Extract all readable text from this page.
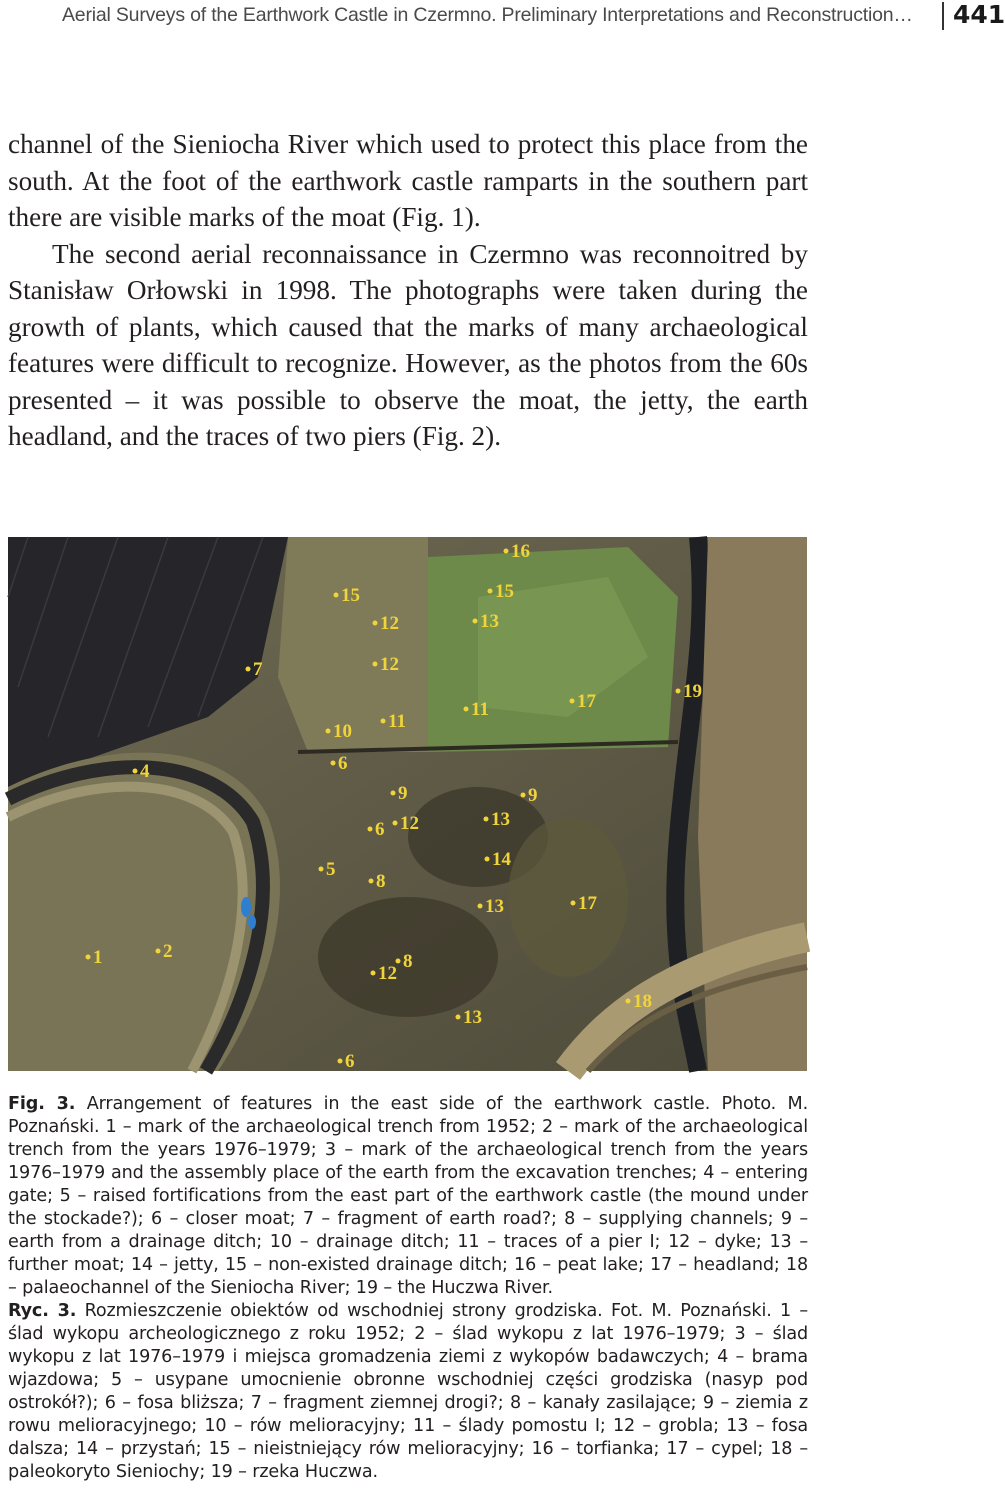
Aerial Surveys of the Earthwork Castle in Czermno. Preliminary Interpretations and Reconstruction… 441

channel of the Sieniocha River which used to protect this place from the south. At the foot of the earthwork castle ramparts in the southern part there are visible marks of the moat (Fig. 1).

The second aerial reconnaissance in Czermno was reconnoitred by Stanisław Orłowski in 1998. The photographs were taken during the growth of plants, which caused that the marks of many archaeological features were difficult to recognize. However, as the photos from the 60s presented – it was possible to observe the moat, the jetty, the earth headland, and the traces of two piers (Fig. 2).

16
15	15
12	13
12
7
17	19
10 11
11
4	6
9	9
12
6	13
14
5
8
13	17
2
1	8
12
18
13
6

Fig. 3. Arrangement of features in the east side of the earthwork castle. Photo. M. Poznański. 1 – mark of the archaeological trench from 1952; 2 – mark of the archaeological trench from the years 1976–1979; 3 – mark of the archaeological trench from the years 1976–1979 and the assembly place of the earth from the excavation trenches; 4 – entering gate; 5 – raised fortifications from the east part of the earthwork castle (the mound under the stockade?); 6 – closer moat; 7 – fragment of earth road?; 8 – supplying channels; 9 – earth from a drainage ditch; 10 – drainage ditch; 11 – traces of a pier I; 12 – dyke; 13 – further moat; 14 – jetty, 15 – non-existed drainage ditch; 16 – peat lake; 17 – headland; 18 – palaeochannel of the Sieniocha River; 19 – the Huczwa River.

Ryc. 3. Rozmieszczenie obiektów od wschodniej strony grodziska. Fot. M. Poznański. 1 – ślad wykopu archeologicznego z roku 1952; 2 – ślad wykopu z lat 1976–1979; 3 – ślad wykopu z lat 1976–1979 i miejsca gromadzenia ziemi z wykopów badawczych; 4 – brama wjazdowa; 5 – usypane umocnienie obronne wschodniej części grodziska (nasyp pod ostrokół?); 6 – fosa bliższa; 7 – fragment ziemnej drogi?; 8 – kanały zasilające; 9 – ziemia z rowu melioracyjnego; 10 – rów melioracyjny; 11 – ślady pomostu I; 12 – grobla; 13 – fosa dalsza; 14 – przystań; 15 – nieistniejący rów melioracyjny; 16 – torfianka; 17 – cypel; 18 – paleokoryto Sieniochy; 19 – rzeka Huczwa.
